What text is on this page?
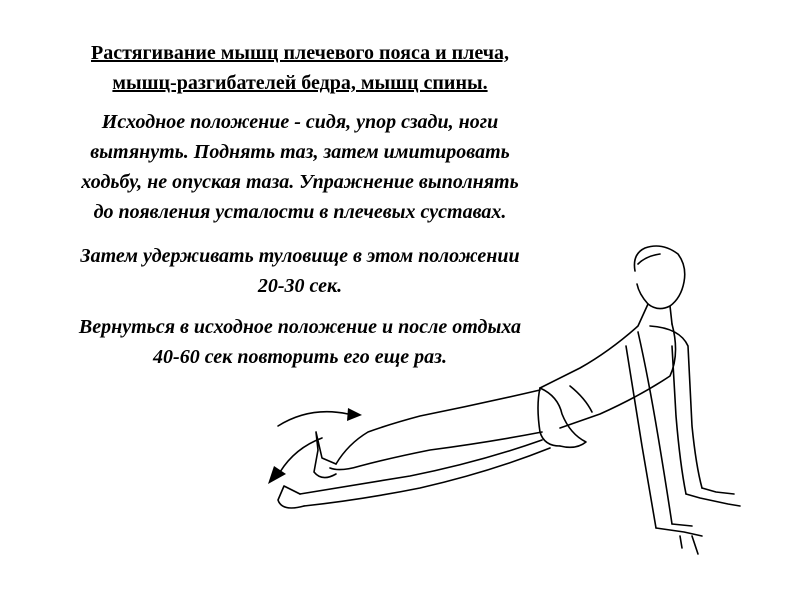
Растягивание мышц плечевого пояса и плеча,
мышц-разгибателей бедра, мышц спины.
Исходное положение - сидя, упор сзади, ноги
вытянуть. Поднять таз, затем имитировать
ходьбу, не опуская таза. Упражнение выполнять
до появления усталости в плечевых суставах.
Затем удерживать туловище в этом положении
20-30 сек.
Вернуться в исходное положение и после отдыха
40-60 сек повторить его еще раз.
